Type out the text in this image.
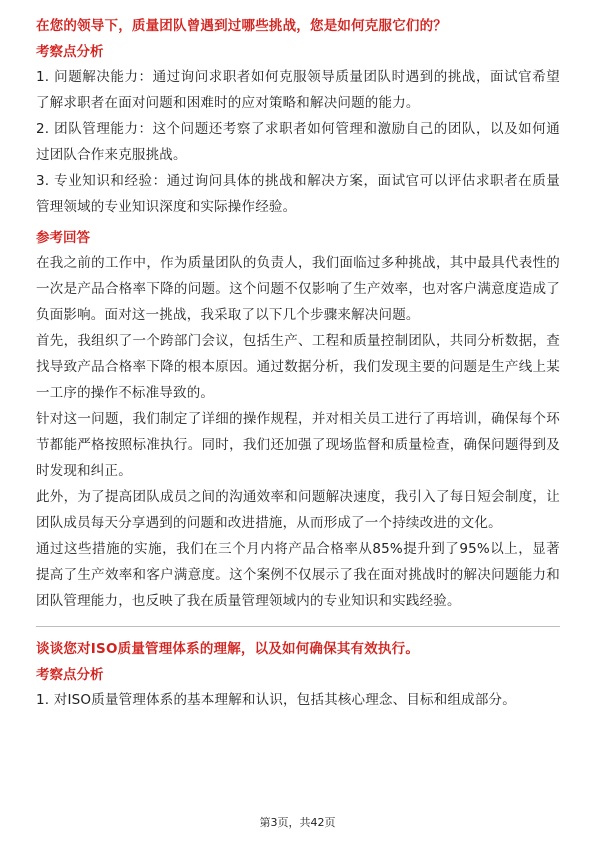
在您的领导下，质量团队曾遇到过哪些挑战，您是如何克服它们的？

考察点分析

1. 问题解决能力：通过询问求职者如何克服领导质量团队时遇到的挑战，面试官希望了解求职者在面对问题和困难时的应对策略和解决问题的能力。

2. 团队管理能力：这个问题还考察了求职者如何管理和激励自己的团队，以及如何通过团队合作来克服挑战。

3. 专业知识和经验：通过询问具体的挑战和解决方案，面试官可以评估求职者在质量管理领域的专业知识深度和实际操作经验。

参考回答

在我之前的工作中，作为质量团队的负责人，我们面临过多种挑战，其中最具代表性的一次是产品合格率下降的问题。这个问题不仅影响了生产效率，也对客户满意度造成了负面影响。面对这一挑战，我采取了以下几个步骤来解决问题。

首先，我组织了一个跨部门会议，包括生产、工程和质量控制团队，共同分析数据，查找导致产品合格率下降的根本原因。通过数据分析，我们发现主要的问题是生产线上某一工序的操作不标准导致的。

针对这一问题，我们制定了详细的操作规程，并对相关员工进行了再培训，确保每个环节都能严格按照标准执行。同时，我们还加强了现场监督和质量检查，确保问题得到及时发现和纠正。

此外，为了提高团队成员之间的沟通效率和问题解决速度，我引入了每日短会制度，让团队成员每天分享遇到的问题和改进措施，从而形成了一个持续改进的文化。

通过这些措施的实施，我们在三个月内将产品合格率从85%提升到了95%以上，显著提高了生产效率和客户满意度。这个案例不仅展示了我在面对挑战时的解决问题能力和团队管理能力，也反映了我在质量管理领域内的专业知识和实践经验。

谈谈您对ISO质量管理体系的理解，以及如何确保其有效执行。

考察点分析

1. 对ISO质量管理体系的基本理解和认识，包括其核心理念、目标和组成部分。

第3页，共42页
